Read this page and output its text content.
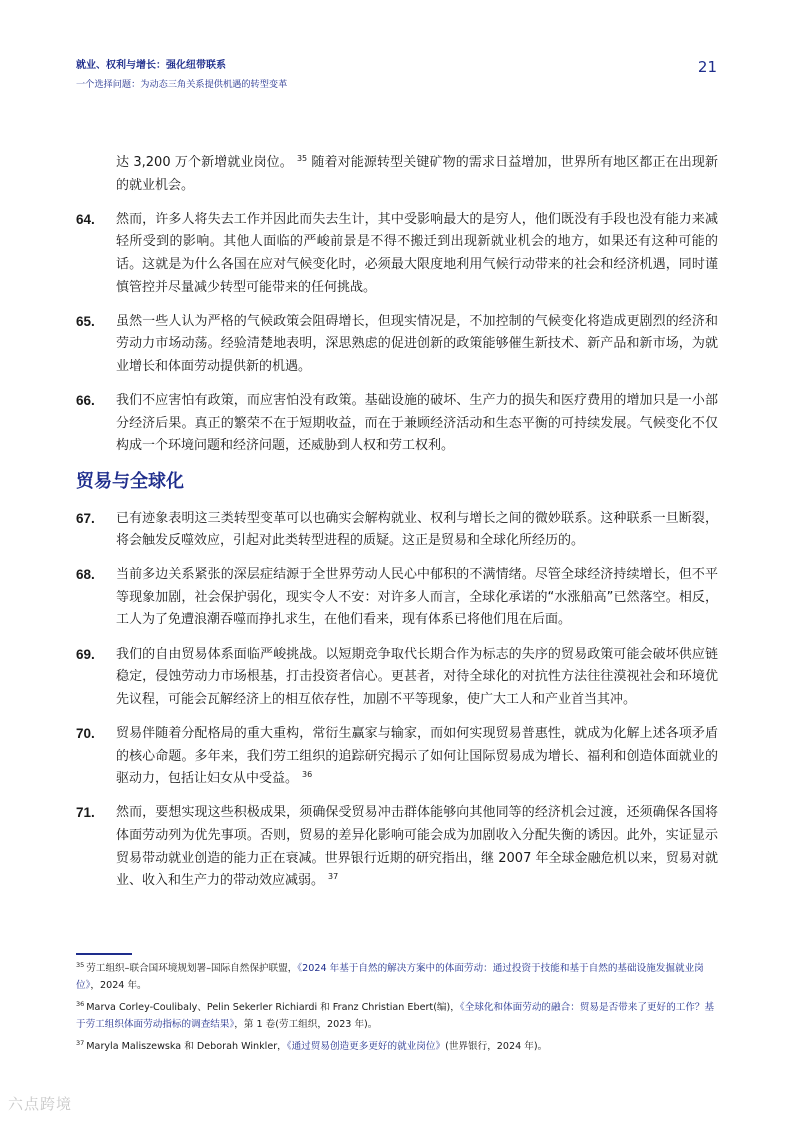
就业、权利与增长：强化纽带联系

一个选择问题：为动态三角关系提供机遇的转型变革

21
达 3,200 万个新增就业岗位。 $^{35}$ 随着对能源转型关键矿物的需求日益增加，世界所有地区都正在出现新的就业机会。
64.	然而，许多人将失去工作并因此而失去生计，其中受影响最大的是穷人，他们既没有手段也没有能力来减轻所受到的影响。其他人面临的严峻前景是不得不搬迁到出现新就业机会的地方，如果还有这种可能的话。这就是为什么各国在应对气候变化时，必须最大限度地利用气候行动带来的社会和经济机遇，同时谨慎管控并尽量减少转型可能带来的任何挑战。
65.	虽然一些人认为严格的气候政策会阻碍增长，但现实情况是，不加控制的气候变化将造成更剧烈的经济和劳动力市场动荡。经验清楚地表明，深思熟虑的促进创新的政策能够催生新技术、新产品和新市场，为就业增长和体面劳动提供新的机遇。
66.	我们不应害怕有政策，而应害怕没有政策。基础设施的破坏、生产力的损失和医疗费用的增加只是一小部分经济后果。真正的繁荣不在于短期收益，而在于兼顾经济活动和生态平衡的可持续发展。气候变化不仅构成一个环境问题和经济问题，还威胁到人权和劳工权利。
贸易与全球化
67.	已有迹象表明这三类转型变革可以也确实会解构就业、权利与增长之间的微妙联系。这种联系一旦断裂，将会触发反噬效应，引起对此类转型进程的质疑。这正是贸易和全球化所经历的。
68.	当前多边关系紧张的深层症结源于全世界劳动人民心中郁积的不满情绪。尽管全球经济持续增长，但不平等现象加剧，社会保护弱化，现实令人不安：对许多人而言，全球化承诺的“水涨船高”已然落空。相反，工人为了免遭浪潮吞噬而挣扎求生，在他们看来，现有体系已将他们甩在后面。
69.	我们的自由贸易体系面临严峻挑战。以短期竞争取代长期合作为标志的失序的贸易政策可能会破坏供应链稳定，侵蚀劳动力市场根基，打击投资者信心。更甚者，对待全球化的对抗性方法往往漠视社会和环境优先议程，可能会瓦解经济上的相互依存性，加剧不平等现象，使广大工人和产业首当其冲。
70.	贸易伴随着分配格局的重大重构，常衍生赢家与输家，而如何实现贸易普惠性，就成为化解上述各项矛盾的核心命题。多年来，我们劳工组织的追踪研究揭示了如何让国际贸易成为增长、福利和创造体面就业的驱动力，包括让妇女从中受益。 $^{36}$
71.	然而，要想实现这些积极成果，须确保受贸易冲击群体能够向其他同等的经济机会过渡，还须确保各国将体面劳动列为优先事项。否则，贸易的差异化影响可能会成为加剧收入分配失衡的诱因。此外，实证显示贸易带动就业创造的能力正在衰减。世界银行近期的研究指出，继 2007 年全球金融危机以来，贸易对就业、收入和生产力的带动效应减弱。 $^{37}$
$^{35}$ 劳工组织–联合国环境规划署–国际自然保护联盟，《2024 年基于自然的解决方案中的体面劳动：通过投资于技能和基于自然的基础设施发掘就业岗位》，2024 年。
$^{36}$ Marva Corley-Coulibaly、Pelin Sekerler Richiardi 和 Franz Christian Ebert(编)，《全球化和体面劳动的融合：贸易是否带来了更好的工作？基于劳工组织体面劳动指标的调查结果》，第 1 卷(劳工组织，2023 年)。
$^{37}$ Maryla Maliszewska 和 Deborah Winkler，《通过贸易创造更多更好的就业岗位》(世界银行，2024 年)。
六点跨境
